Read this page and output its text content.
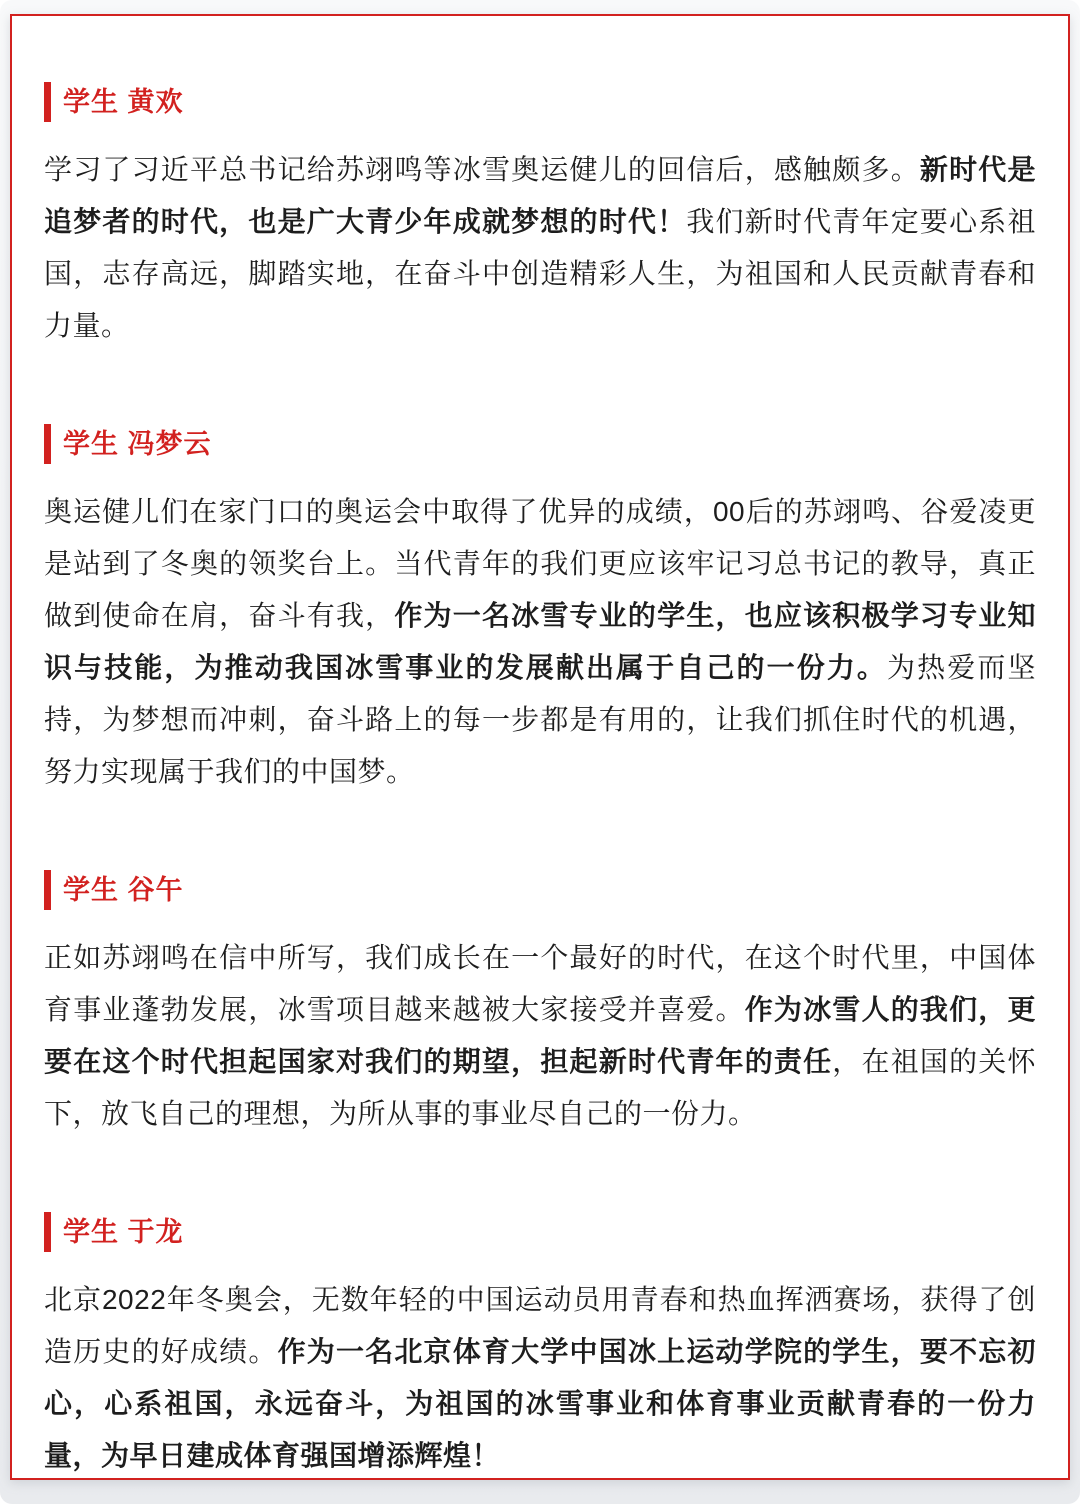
学生 黄欢

学习了习近平总书记给苏翊鸣等冰雪奥运健儿的回信后，感触颇多。新时代是追梦者的时代，也是广大青少年成就梦想的时代！我们新时代青年定要心系祖国，志存高远，脚踏实地，在奋斗中创造精彩人生，为祖国和人民贡献青春和力量。

学生 冯梦云

奥运健儿们在家门口的奥运会中取得了优异的成绩，00后的苏翊鸣、谷爱凌更是站到了冬奥的领奖台上。当代青年的我们更应该牢记习总书记的教导，真正做到使命在肩，奋斗有我，作为一名冰雪专业的学生，也应该积极学习专业知识与技能，为推动我国冰雪事业的发展献出属于自己的一份力。为热爱而坚持，为梦想而冲刺，奋斗路上的每一步都是有用的，让我们抓住时代的机遇，努力实现属于我们的中国梦。

学生 谷午

正如苏翊鸣在信中所写，我们成长在一个最好的时代，在这个时代里，中国体育事业蓬勃发展，冰雪项目越来越被大家接受并喜爱。作为冰雪人的我们，更要在这个时代担起国家对我们的期望，担起新时代青年的责任，在祖国的关怀下，放飞自己的理想，为所从事的事业尽自己的一份力。

学生 于龙

北京2022年冬奥会，无数年轻的中国运动员用青春和热血挥洒赛场，获得了创造历史的好成绩。作为一名北京体育大学中国冰上运动学院的学生，要不忘初心，心系祖国，永远奋斗，为祖国的冰雪事业和体育事业贡献青春的一份力量，为早日建成体育强国增添辉煌！
